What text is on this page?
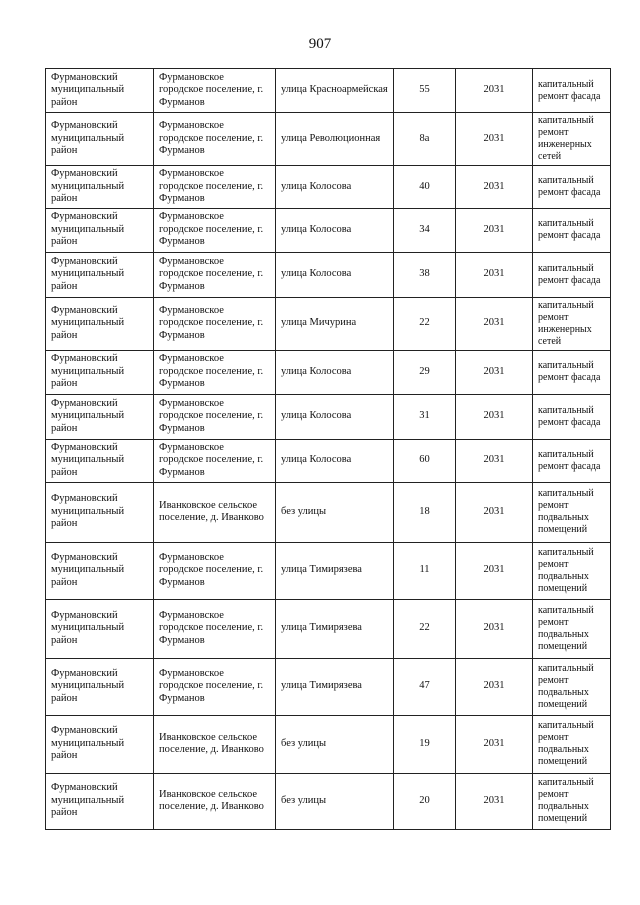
907
Фурмановский муниципальный район	Фурмановское городское поселение, г. Фурманов	улица Красноармейская	55	2031	капитальный ремонт фасада
Фурмановский муниципальный район	Фурмановское городское поселение, г. Фурманов	улица Революционная	8а	2031	капитальный ремонт инженерных сетей
Фурмановский муниципальный район	Фурмановское городское поселение, г. Фурманов	улица Колосова	40	2031	капитальный ремонт фасада
Фурмановский муниципальный район	Фурмановское городское поселение, г. Фурманов	улица Колосова	34	2031	капитальный ремонт фасада
Фурмановский муниципальный район	Фурмановское городское поселение, г. Фурманов	улица Колосова	38	2031	капитальный ремонт фасада
Фурмановский муниципальный район	Фурмановское городское поселение, г. Фурманов	улица Мичурина	22	2031	капитальный ремонт инженерных сетей
Фурмановский муниципальный район	Фурмановское городское поселение, г. Фурманов	улица Колосова	29	2031	капитальный ремонт фасада
Фурмановский муниципальный район	Фурмановское городское поселение, г. Фурманов	улица Колосова	31	2031	капитальный ремонт фасада
Фурмановский муниципальный район	Фурмановское городское поселение, г. Фурманов	улица Колосова	60	2031	капитальный ремонт фасада
Фурмановский муниципальный район	Иванковское сельское поселение, д. Иванково	без улицы	18	2031	капитальный ремонт подвальных помещений
Фурмановский муниципальный район	Фурмановское городское поселение, г. Фурманов	улица Тимирязева	11	2031	капитальный ремонт подвальных помещений
Фурмановский муниципальный район	Фурмановское городское поселение, г. Фурманов	улица Тимирязева	22	2031	капитальный ремонт подвальных помещений
Фурмановский муниципальный район	Фурмановское городское поселение, г. Фурманов	улица Тимирязева	47	2031	капитальный ремонт подвальных помещений
Фурмановский муниципальный район	Иванковское сельское поселение, д. Иванково	без улицы	19	2031	капитальный ремонт подвальных помещений
Фурмановский муниципальный район	Иванковское сельское поселение, д. Иванково	без улицы	20	2031	капитальный ремонт подвальных помещений
